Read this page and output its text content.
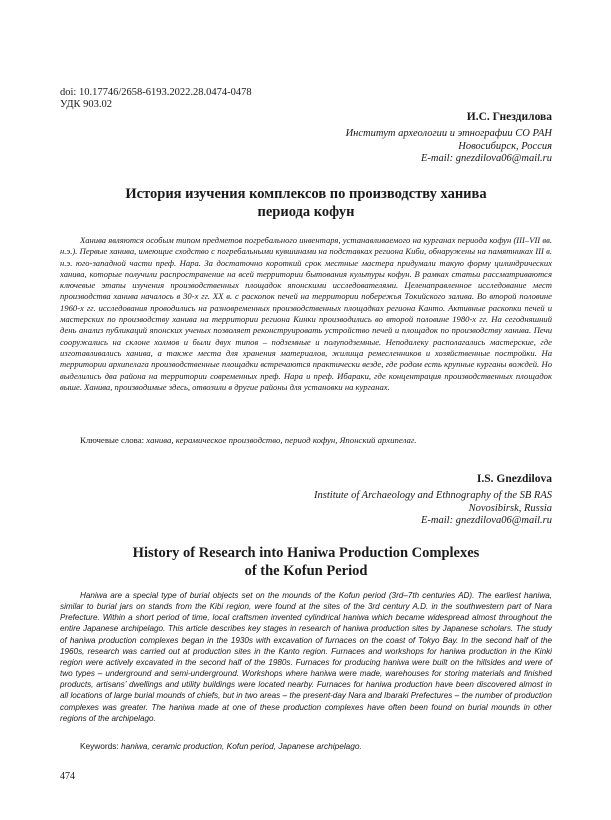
doi: 10.17746/2658-6193.2022.28.0474-0478
УДК 903.02
И.С. Гнездилова
Институт археологии и этнографии СО РАН
Новосибирск, Россия
E-mail: gnezdilova06@mail.ru
История изучения комплексов по производству ханива
периода кофун

Ханива являются особым типом предметов погребального инвентаря, устанавливаемого на курганах периода кофун (III–VII вв. н.э.). Первые ханива, имеющие сходство с погребальными кувшинами на подставках региона Киби, обнаружены на памятниках III в. н.э. юго-западной части преф. Нара. За достаточно короткий срок местные мастера придумали такую форму цилиндрических ханива, которые получили распространение на всей территории бытования культуры кофун. В рамках статьи рассматриваются ключевые этапы изучения производственных площадок японскими исследователями. Целенаправленное исследование мест производства ханива началось в 30-х гг. XX в. с раскопок печей на территории побережья Токийского залива. Во второй половине 1960-х гг. исследования проводились на разновременных производственных площадках региона Канто. Активные раскопки печей и мастерских по производству ханива на территории региона Кинки производились во второй половине 1980-х гг. На сегодняшний день анализ публикаций японских ученых позволяет реконструировать устройство печей и площадок по производству ханива. Печи сооружались на склоне холмов и были двух типов – подземные и полуподземные. Неподалеку располагались мастерские, где изготавливались ханива, а также места для хранения материалов, жилища ремесленников и хозяйственные постройки. На территории архипелага производственные площадки встречаются практически везде, где родом есть крупные курганы вождей. Но выделились два района на территории современных преф. Нара и преф. Ибараки, где концентрация производственных площадок выше. Ханива, производимые здесь, отвозили в другие районы для установки на курганах.

Ключевые слова: ханива, керамическое производство, период кофун, Японский архипелаг.
I.S. Gnezdilova
Institute of Archaeology and Ethnography of the SB RAS
Novosibirsk, Russia
E-mail: gnezdilova06@mail.ru
History of Research into Haniwa Production Complexes
of the Kofun Period

Haniwa are a special type of burial objects set on the mounds of the Kofun period (3rd–7th centuries AD). The earliest haniwa, similar to burial jars on stands from the Kibi region, were found at the sites of the 3rd century A.D. in the southwestern part of Nara Prefecture. Within a short period of time, local craftsmen invented cylindrical haniwa which became widespread almost throughout the entire Japanese archipelago. This article describes key stages in research of haniwa production sites by Japanese scholars. The study of haniwa production complexes began in the 1930s with excavation of furnaces on the coast of Tokyo Bay. In the second half of the 1960s, research was carried out at production sites in the Kanto region. Furnaces and workshops for haniwa production in the Kinki region were actively excavated in the second half of the 1980s. Furnaces for producing haniwa were built on the hillsides and were of two types – underground and semi-underground. Workshops where haniwa were made, warehouses for storing materials and finished products, artisans’ dwellings and utility buildings were located nearby. Furnaces for haniwa production have been discovered almost in all locations of large burial mounds of chiefs, but in two areas – the present-day Nara and Ibaraki Prefectures – the number of production complexes was greater. The haniwa made at one of these production complexes have often been found on burial mounds in other regions of the archipelago.

Keywords: haniwa, ceramic production, Kofun period, Japanese archipelago.
474
